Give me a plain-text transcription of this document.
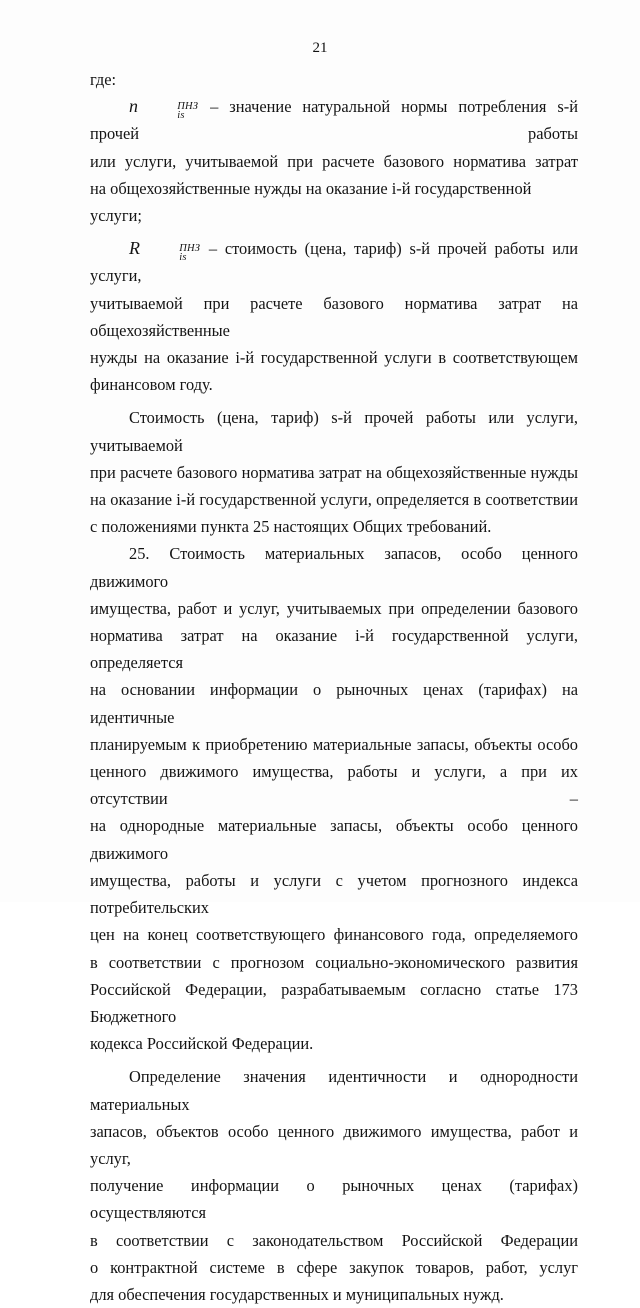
21

где:

n	ПНЗ
is	– значение натуральной нормы потребления s-й прочей работы

или услуги, учитываемой при расчете базового норматива затрат

на общехозяйственные нужды на оказание i-й государственной услуги;

R	ПНЗ
is	– стоимость (цена, тариф) s-й прочей работы или услуги,

учитываемой при расчете базового норматива затрат на общехозяйственные

нужды на оказание i-й государственной услуги в соответствующем

финансовом году.

Стоимость (цена, тариф) s-й прочей работы или услуги, учитываемой

при расчете базового норматива затрат на общехозяйственные нужды

на оказание i-й государственной услуги, определяется в соответствии

с положениями пункта 25 настоящих Общих требований.

25. Стоимость материальных запасов, особо ценного движимого

имущества, работ и услуг, учитываемых при определении базового

норматива затрат на оказание i-й государственной услуги, определяется

на основании информации о рыночных ценах (тарифах) на идентичные

планируемым к приобретению материальные запасы, объекты особо

ценного движимого имущества, работы и услуги, а при их отсутствии –

на однородные материальные запасы, объекты особо ценного движимого

имущества, работы и услуги с учетом прогнозного индекса потребительских

цен на конец соответствующего финансового года, определяемого

в соответствии с прогнозом социально-экономического развития

Российской Федерации, разрабатываемым согласно статье 173 Бюджетного

кодекса Российской Федерации.

Определение значения идентичности и однородности материальных

запасов, объектов особо ценного движимого имущества, работ и услуг,

получение информации о рыночных ценах (тарифах) осуществляются

в соответствии с законодательством Российской Федерации

о контрактной системе в сфере закупок товаров, работ, услуг

для обеспечения государственных и муниципальных нужд.
